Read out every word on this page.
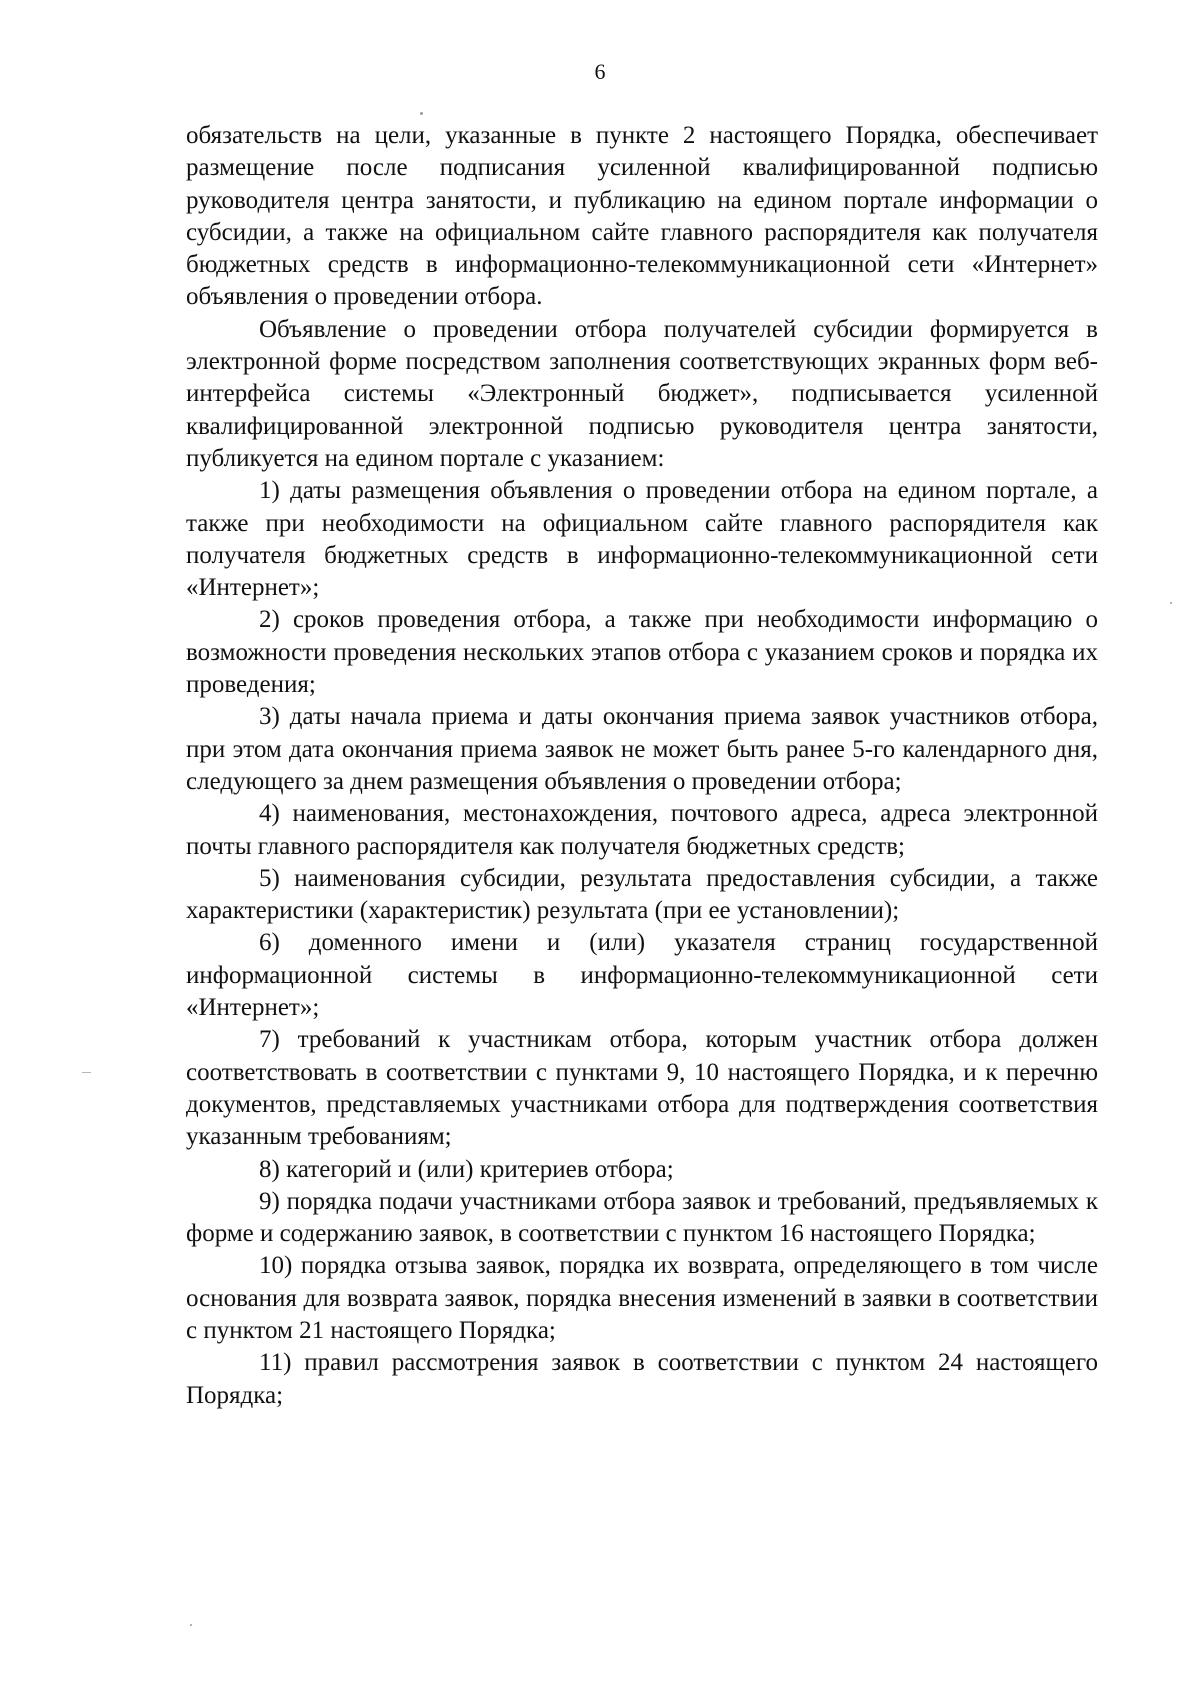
6

обязательств на цели, указанные в пункте 2 настоящего Порядка, обеспечивает размещение после подписания усиленной квалифицированной подписью руководителя центра занятости, и публикацию на едином портале информации о субсидии, а также на официальном сайте главного распорядителя как получателя бюджетных средств в информационно-телекоммуникационной сети «Интернет» объявления о проведении отбора.

Объявление о проведении отбора получателей субсидии формируется в электронной форме посредством заполнения соответствующих экранных форм веб-интерфейса системы «Электронный бюджет», подписывается усиленной квалифицированной электронной подписью руководителя центра занятости, публикуется на едином портале с указанием:

1) даты размещения объявления о проведении отбора на едином портале, а также при необходимости на официальном сайте главного распорядителя как получателя бюджетных средств в информационно-телекоммуникационной сети «Интернет»;

2) сроков проведения отбора, а также при необходимости информацию о возможности проведения нескольких этапов отбора с указанием сроков и порядка их проведения;

3) даты начала приема и даты окончания приема заявок участников отбора, при этом дата окончания приема заявок не может быть ранее 5-го календарного дня, следующего за днем размещения объявления о проведении отбора;

4) наименования, местонахождения, почтового адреса, адреса электронной почты главного распорядителя как получателя бюджетных средств;

5) наименования субсидии, результата предоставления субсидии, а также характеристики (характеристик) результата (при ее установлении);

6) доменного имени и (или) указателя страниц государственной информационной системы в информационно-телекоммуникационной сети «Интернет»;

7) требований к участникам отбора, которым участник отбора должен соответствовать в соответствии с пунктами 9, 10 настоящего Порядка, и к перечню документов, представляемых участниками отбора для подтверждения соответствия указанным требованиям;

8) категорий и (или) критериев отбора;

9) порядка подачи участниками отбора заявок и требований, предъявляемых к форме и содержанию заявок, в соответствии с пунктом 16 настоящего Порядка;

10) порядка отзыва заявок, порядка их возврата, определяющего в том числе основания для возврата заявок, порядка внесения изменений в заявки в соответствии с пунктом 21 настоящего Порядка;

11) правил рассмотрения заявок в соответствии с пунктом 24 настоящего Порядка;
